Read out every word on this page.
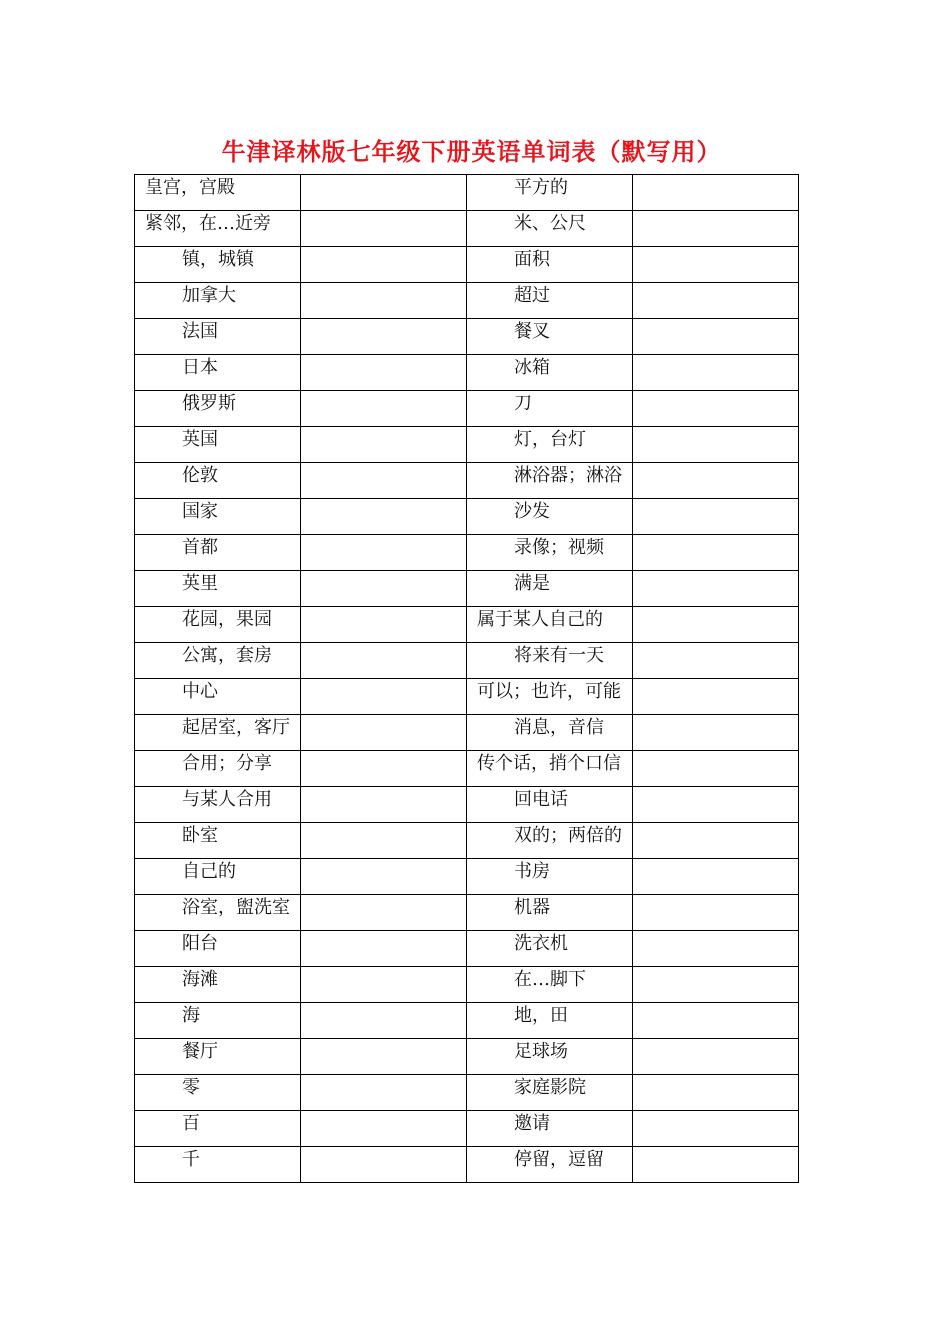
牛津译林版七年级下册英语单词表（默写用）
皇宫，宫殿		平方的	
紧邻，在…近旁		米、公尺	
镇，城镇		面积	
加拿大		超过	
法国		餐叉	
日本		冰箱	
俄罗斯		刀	
英国		灯，台灯	
伦敦		淋浴器；淋浴	
国家		沙发	
首都		录像；视频	
英里		满是	
花园，果园		属于某人自己的	
公寓，套房		将来有一天	
中心		可以；也许，可能	
起居室，客厅		消息，音信	
合用；分享		传个话，捎个口信	
与某人合用		回电话	
卧室		双的；两倍的	
自己的		书房	
浴室，盥洗室		机器	
阳台		洗衣机	
海滩		在…脚下	
海		地，田	
餐厅		足球场	
零		家庭影院	
百		邀请	
千		停留，逗留	
